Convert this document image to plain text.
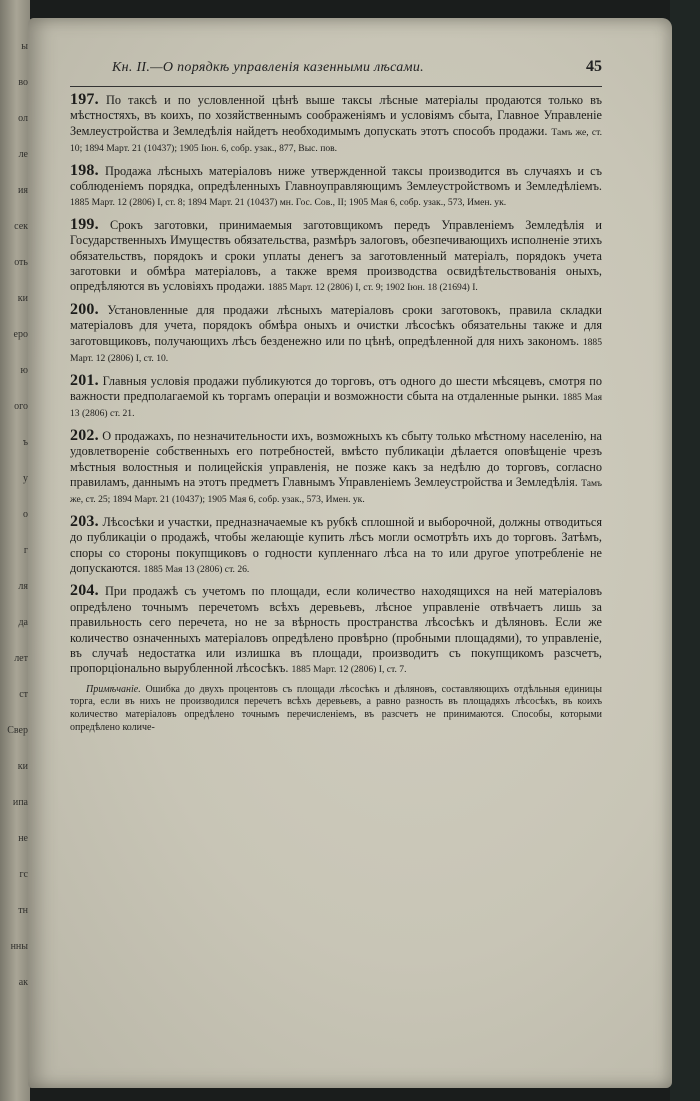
ы
во
ол
ле
ия
сек
оть
ки
еро
ю
ого
ъ
у
о
г
ля
да
лет
ст
Свер
ки
ипа
не
гс
тн
нны
ак
Кн. II.—О порядкѣ управленія казенными лѣсами.	45

197. По таксѣ и по условленной цѣнѣ выше таксы лѣсные матеріалы продаются только въ мѣстностяхъ, въ коихъ, по хозяйственнымъ соображеніямъ и условіямъ сбыта, Главное Управленіе Землеустройства и Земледѣлія найдетъ необходимымъ допускать этотъ способъ продажи. Тамъ же, ст. 10; 1894 Март. 21 (10437); 1905 Іюн. 6, собр. узак., 877, Выс. пов.

198. Продажа лѣсныхъ матеріаловъ ниже утвержденной таксы производится въ случаяхъ и съ соблюденіемъ порядка, опредѣленныхъ Главноуправляющимъ Землеустройствомъ и Земледѣліемъ. 1885 Март. 12 (2806) I, ст. 8; 1894 Март. 21 (10437) мн. Гос. Сов., II; 1905 Мая 6, собр. узак., 573, Имен. ук.

199. Срокъ заготовки, принимаемыя заготовщикомъ передъ Управленіемъ Земледѣлія и Государственныхъ Имуществъ обязательства, размѣръ залоговъ, обезпечивающихъ исполненіе этихъ обязательствъ, порядокъ и сроки уплаты денегъ за заготовленный матеріалъ, порядокъ учета заготовки и обмѣра матеріаловъ, а также время производства освидѣтельствованія оныхъ, опредѣляются въ условіяхъ продажи. 1885 Март. 12 (2806) I, ст. 9; 1902 Іюн. 18 (21694) I.

200. Установленные для продажи лѣсныхъ матеріаловъ сроки заготовокъ, правила складки матеріаловъ для учета, порядокъ обмѣра оныхъ и очистки лѣсосѣкъ обязательны также и для заготовщиковъ, получающихъ лѣсъ безденежно или по цѣнѣ, опредѣленной для нихъ закономъ. 1885 Март. 12 (2806) I, ст. 10.

201. Главныя условія продажи публикуются до торговъ, отъ одного до шести мѣсяцевъ, смотря по важности предполагаемой къ торгамъ операціи и возможности сбыта на отдаленные рынки. 1885 Мая 13 (2806) ст. 21.

202. О продажахъ, по незначительности ихъ, возможныхъ къ сбыту только мѣстному населенію, на удовлетвореніе собственныхъ его потребностей, вмѣсто публикаціи дѣлается оповѣщеніе чрезъ мѣстныя волостныя и полицейскія управленія, не позже какъ за недѣлю до торговъ, согласно правиламъ, даннымъ на этотъ предметъ Главнымъ Управленіемъ Землеустройства и Земледѣлія. Тамъ же, ст. 25; 1894 Март. 21 (10437); 1905 Мая 6, собр. узак., 573, Имен. ук.

203. Лѣсосѣки и участки, предназначаемые къ рубкѣ сплошной и выборочной, должны отводиться до публикаціи о продажѣ, чтобы желающіе купить лѣсъ могли осмотрѣть ихъ до торговъ. Затѣмъ, споры со стороны покупщиковъ о годности купленнаго лѣса на то или другое употребленіе не допускаются. 1885 Мая 13 (2806) ст. 26.

204. При продажѣ съ учетомъ по площади, если количество находящихся на ней матеріаловъ опредѣлено точнымъ перечетомъ всѣхъ деревьевъ, лѣсное управленіе отвѣчаетъ лишь за правильность сего перечета, но не за вѣрность пространства лѣсосѣкъ и дѣляновъ. Если же количество означенныхъ матеріаловъ опредѣлено провѣрно (пробными площадями), то управленіе, въ случаѣ недостатка или излишка въ площади, производитъ съ покупщикомъ разсчетъ, пропорціонально вырубленной лѣсосѣкъ. 1885 Март. 12 (2806) I, ст. 7.

Примѣчаніе. Ошибка до двухъ процентовъ съ площади лѣсосѣкъ и дѣляновъ, составляющихъ отдѣльныя единицы торга, если въ нихъ не производился перечетъ всѣхъ деревьевъ, а равно разность въ площадяхъ лѣсосѣкъ, въ коихъ количество матеріаловъ опредѣлено точнымъ перечисленіемъ, въ разсчетъ не принимаются. Способы, которыми опредѣлено количе-
